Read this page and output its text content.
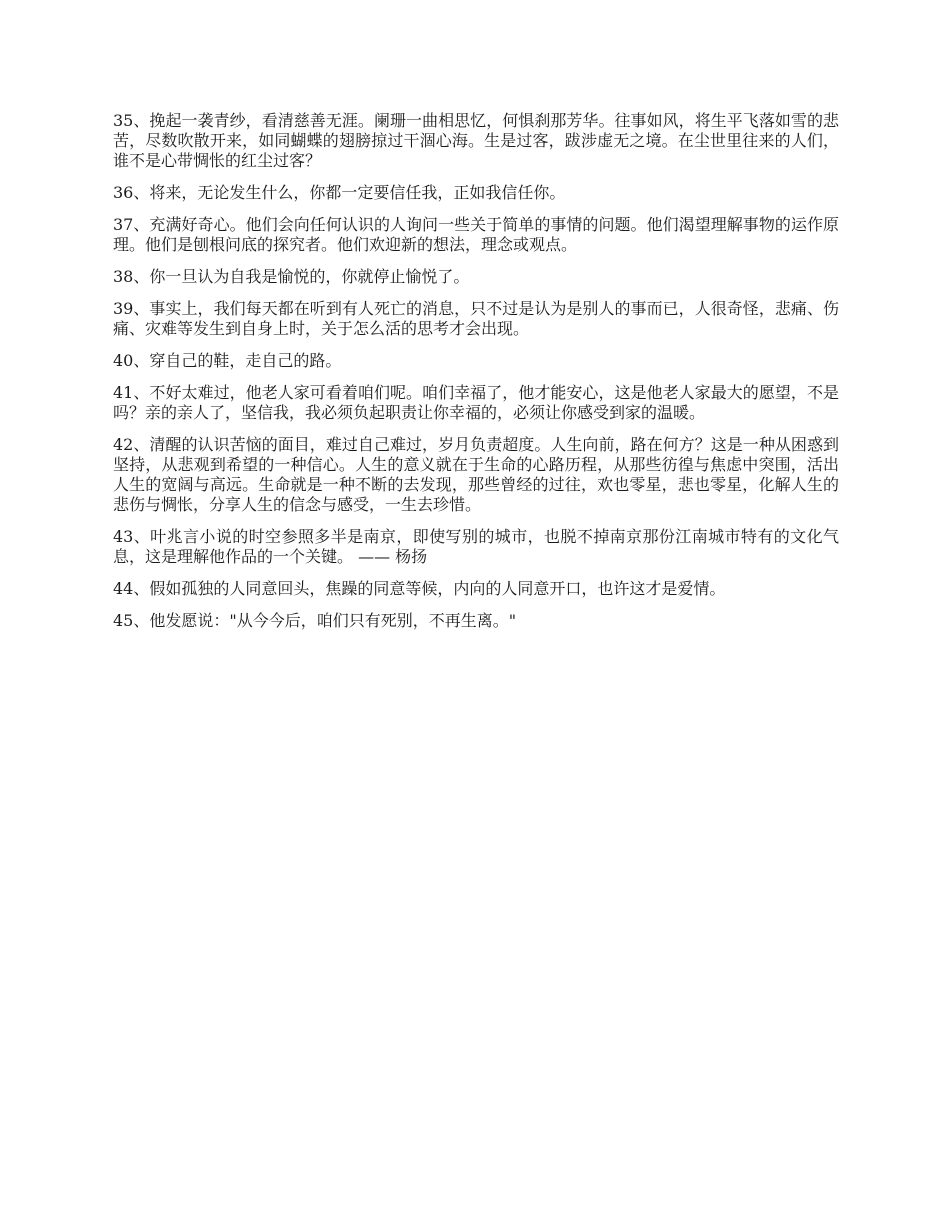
35、挽起一袭青纱，看清慈善无涯。阑珊一曲相思忆，何惧刹那芳华。往事如风，将生平飞落如雪的悲苦，尽数吹散开来，如同蝴蝶的翅膀掠过干涸心海。生是过客，跋涉虚无之境。在尘世里往来的人们，谁不是心带惆怅的红尘过客？

36、将来，无论发生什么，你都一定要信任我，正如我信任你。

37、充满好奇心。他们会向任何认识的人询问一些关于简单的事情的问题。他们渴望理解事物的运作原理。他们是刨根问底的探究者。他们欢迎新的想法，理念或观点。

38、你一旦认为自我是愉悦的，你就停止愉悦了。

39、事实上，我们每天都在听到有人死亡的消息，只不过是认为是别人的事而已，人很奇怪，悲痛、伤痛、灾难等发生到自身上时，关于怎么活的思考才会出现。

40、穿自己的鞋，走自己的路。

41、不好太难过，他老人家可看着咱们呢。咱们幸福了，他才能安心，这是他老人家最大的愿望，不是吗？亲的亲人了，坚信我，我必须负起职责让你幸福的，必须让你感受到家的温暖。

42、清醒的认识苦恼的面目，难过自己难过，岁月负责超度。人生向前，路在何方？这是一种从困惑到坚持，从悲观到希望的一种信心。人生的意义就在于生命的心路历程，从那些彷徨与焦虑中突围，活出人生的宽阔与高远。生命就是一种不断的去发现，那些曾经的过往，欢也零星，悲也零星，化解人生的悲伤与惆怅，分享人生的信念与感受，一生去珍惜。

43、叶兆言小说的时空参照多半是南京，即使写别的城市，也脱不掉南京那份江南城市特有的文化气息，这是理解他作品的一个关键。 —— 杨扬

44、假如孤独的人同意回头，焦躁的同意等候，内向的人同意开口，也许这才是爱情。

45、他发愿说："从今今后，咱们只有死别，不再生离。"
